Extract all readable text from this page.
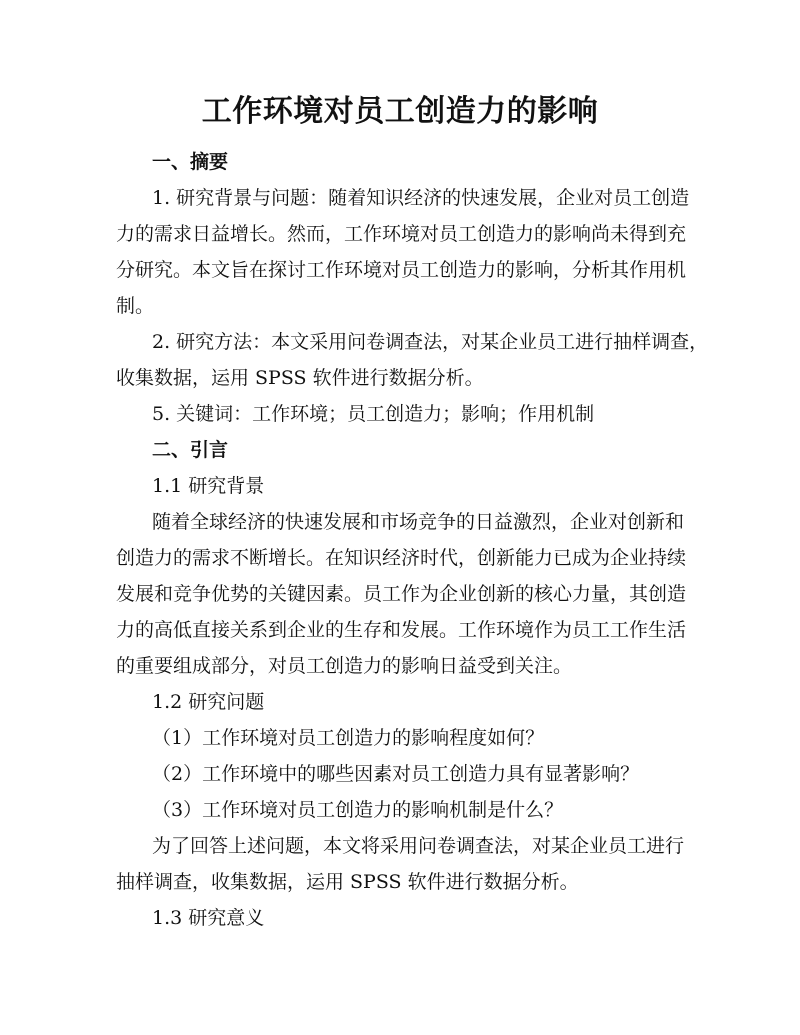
工作环境对员工创造力的影响
一、摘要
1. 研究背景与问题：随着知识经济的快速发展，企业对员工创造
力的需求日益增长。然而，工作环境对员工创造力的影响尚未得到充
分研究。本文旨在探讨工作环境对员工创造力的影响，分析其作用机
制。
2. 研究方法：本文采用问卷调查法，对某企业员工进行抽样调查，
收集数据，运用 SPSS 软件进行数据分析。
5. 关键词：工作环境；员工创造力；影响；作用机制
二、引言
1.1 研究背景
随着全球经济的快速发展和市场竞争的日益激烈，企业对创新和
创造力的需求不断增长。在知识经济时代，创新能力已成为企业持续
发展和竞争优势的关键因素。员工作为企业创新的核心力量，其创造
力的高低直接关系到企业的生存和发展。工作环境作为员工工作生活
的重要组成部分，对员工创造力的影响日益受到关注。
1.2 研究问题
（1）工作环境对员工创造力的影响程度如何？
（2）工作环境中的哪些因素对员工创造力具有显著影响？
（3）工作环境对员工创造力的影响机制是什么？
为了回答上述问题，本文将采用问卷调查法，对某企业员工进行
抽样调查，收集数据，运用 SPSS 软件进行数据分析。
1.3 研究意义
